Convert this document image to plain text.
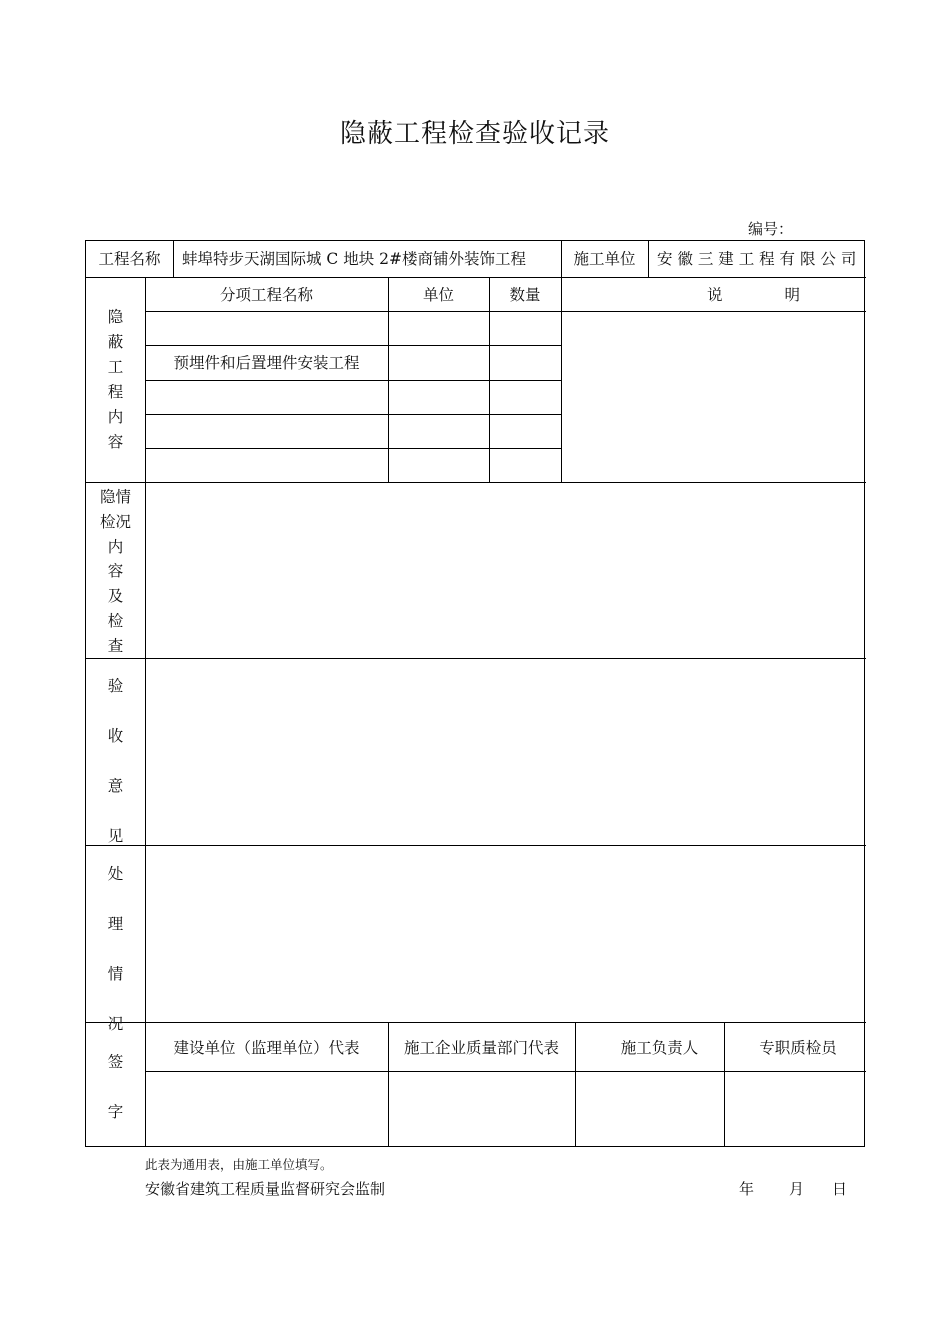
隐蔽工程检查验收记录
编号：
工程名称	蚌埠特步天湖国际城 C 地块 2#楼商铺外装饰工程	施工单位	安 徽 三 建 工 程 有 限 公 司
分项工程名称	单位	数量	说　　　　明
预埋件和后置埋件安装工程
隐
蔽
工
程
内
容
隐情
检况
内
容
及
检
查
验
收
意
见
处
理
情
况
签
字
建设单位（监理单位）代表	施工企业质量部门代表	施工负责人	专职质检员
此表为通用表，由施工单位填写。
安徽省建筑工程质量监督研究会监制	年 月 日
